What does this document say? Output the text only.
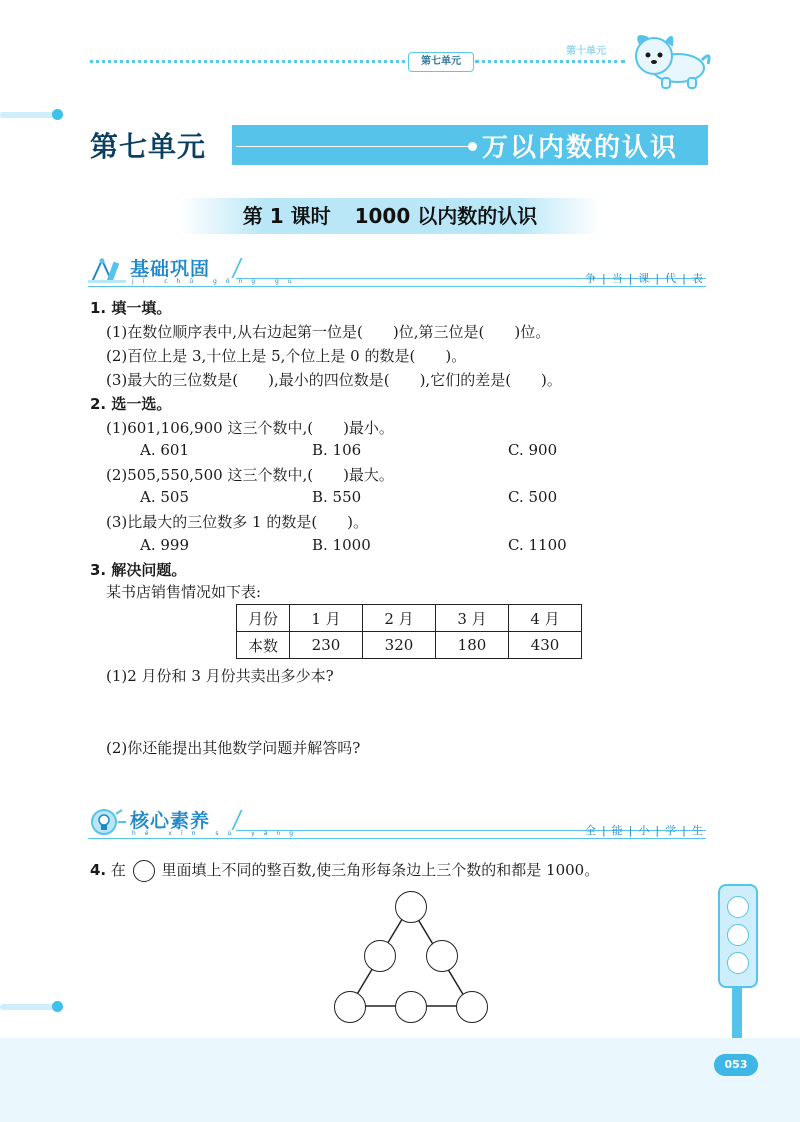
第七单元
第十单元
万以内数的认识
第七单元
第 1 课时 1000 以内数的认识
基础巩固
jī chǔ gǒng gù	争|当|课|代|表
1. 填一填。
(1)在数位顺序表中,从右边起第一位是(　　)位,第三位是(　　)位。
(2)百位上是 3,十位上是 5,个位上是 0 的数是(　　)。
(3)最大的三位数是(　　),最小的四位数是(　　),它们的差是(　　)。
2. 选一选。
(1)601,106,900 这三个数中,(　　)最小。
A. 601	B. 106	C. 900
(2)505,550,500 这三个数中,(　　)最大。
A. 505	B. 550	C. 500
(3)比最大的三位数多 1 的数是(　　)。
A. 999	B. 1000	C. 1100
3. 解决问题。
某书店销售情况如下表:
月份	1 月	2 月	3 月	4 月
本数	230	320	180	430
(1)2 月份和 3 月份共卖出多少本?
(2)你还能提出其他数学问题并解答吗?
核心素养
hé xīn sù yǎng	全|能|小|学|生
4. 在 里面填上不同的整百数,使三角形每条边上三个数的和都是 1000。
053
